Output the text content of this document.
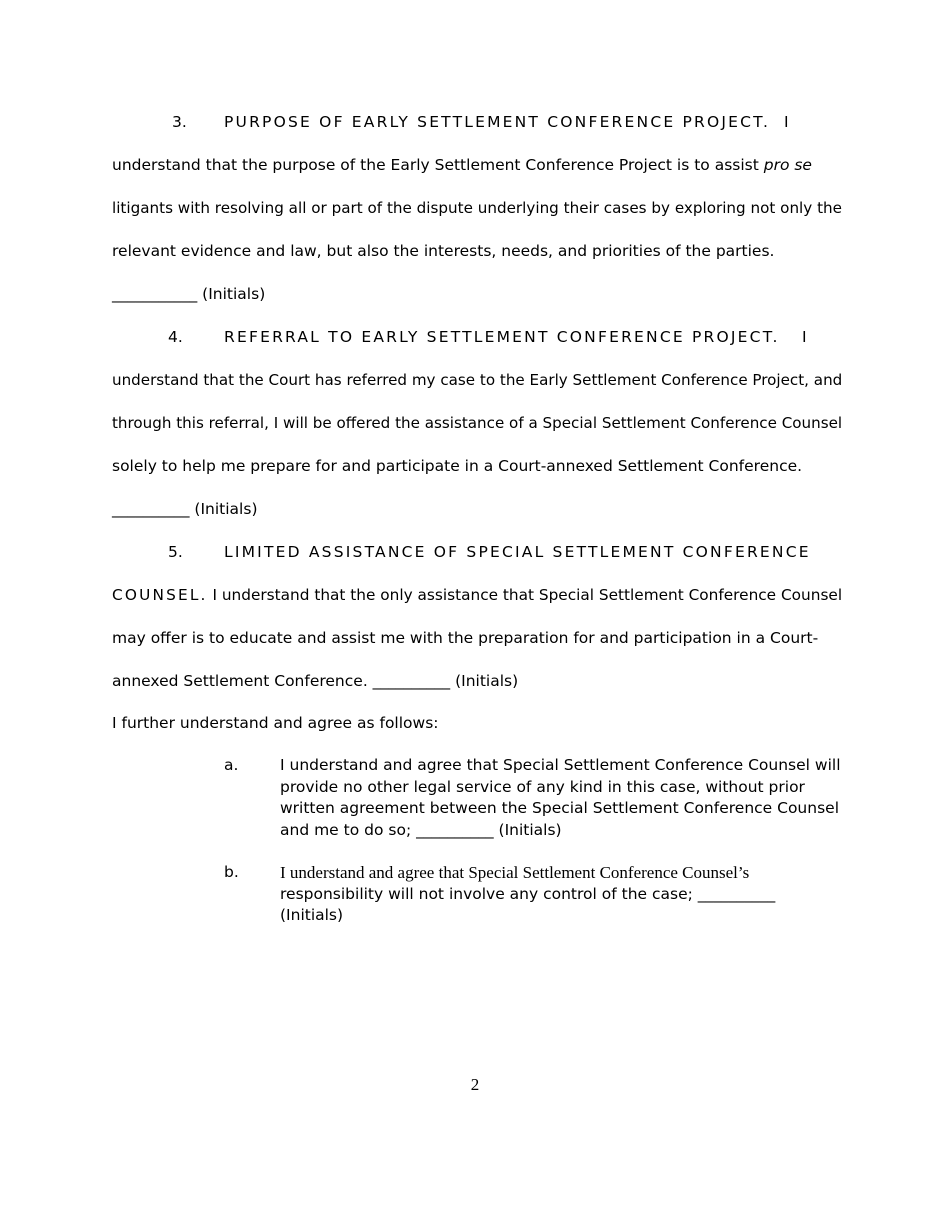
3.	PURPOSE OF EARLY SETTLEMENT CONFERENCE PROJECT. I
understand that the purpose of the Early Settlement Conference Project is to assist pro se
litigants with resolving all or part of the dispute underlying their cases by exploring not only the
relevant evidence and law, but also the interests, needs, and priorities of the parties.
___________ (Initials)
4.	REFERRAL TO EARLY SETTLEMENT CONFERENCE PROJECT. I
understand that the Court has referred my case to the Early Settlement Conference Project, and
through this referral, I will be offered the assistance of a Special Settlement Conference Counsel
solely to help me prepare for and participate in a Court-annexed Settlement Conference.
__________ (Initials)
5.	LIMITED ASSISTANCE OF SPECIAL SETTLEMENT CONFERENCE
COUNSEL. I understand that the only assistance that Special Settlement Conference Counsel
may offer is to educate and assist me with the preparation for and participation in a Court-
annexed Settlement Conference. __________ (Initials)
I further understand and agree as follows:
a.	I understand and agree that Special Settlement Conference Counsel will
provide no other legal service of any kind in this case, without prior
written agreement between the Special Settlement Conference Counsel
and me to do so; __________ (Initials)
b. I understand and agree that Special Settlement Conference Counsel’s
responsibility will not involve any control of the case; __________
(Initials)
2
